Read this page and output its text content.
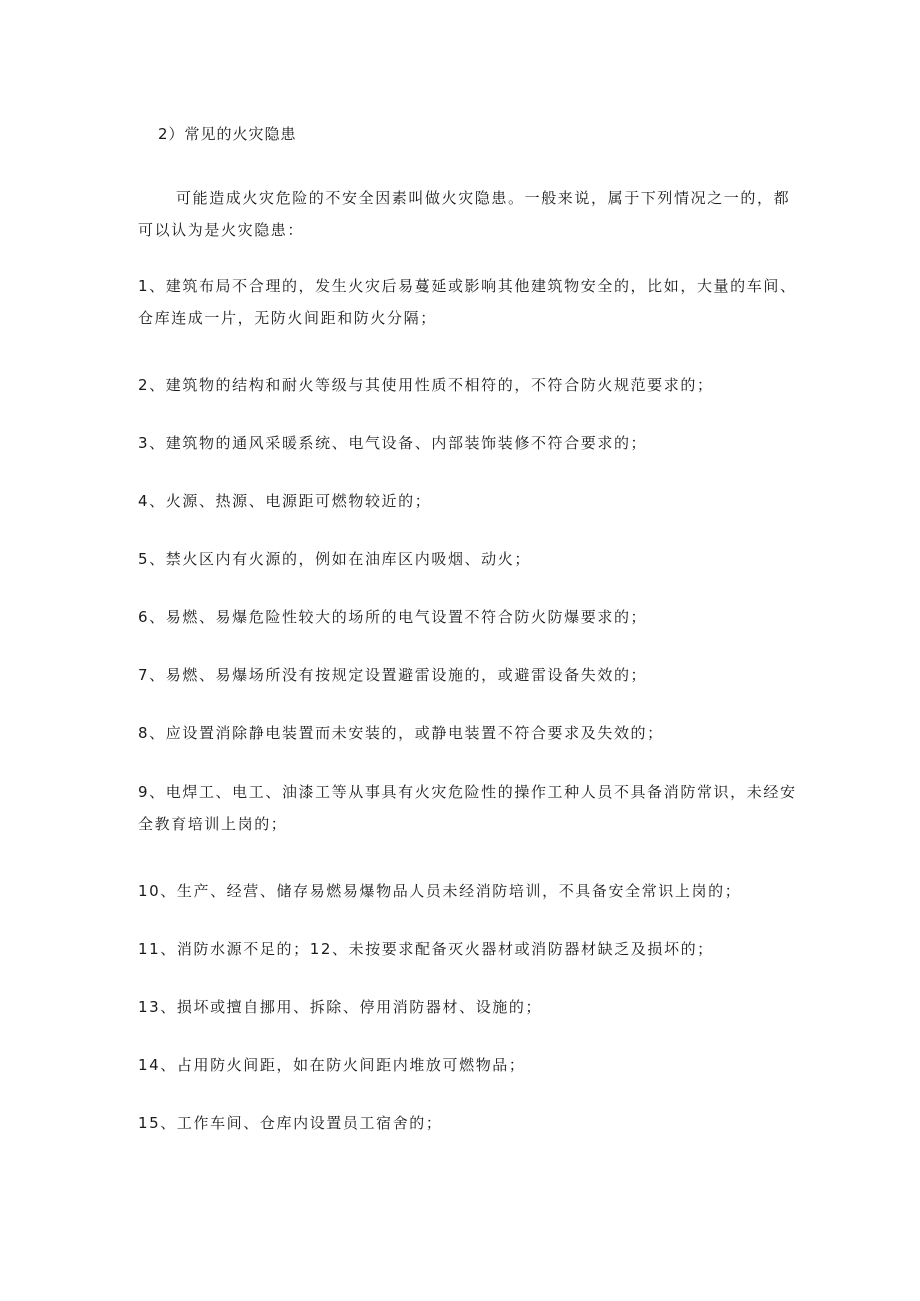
2）常见的火灾隐患
可能造成火灾危险的不安全因素叫做火灾隐患。一般来说，属于下列情况之一的，都可以认为是火灾隐患：
1、建筑布局不合理的，发生火灾后易蔓延或影响其他建筑物安全的，比如，大量的车间、仓库连成一片，无防火间距和防火分隔；
2、建筑物的结构和耐火等级与其使用性质不相符的，不符合防火规范要求的；
3、建筑物的通风采暖系统、电气设备、内部装饰装修不符合要求的；
4、火源、热源、电源距可燃物较近的；
5、禁火区内有火源的，例如在油库区内吸烟、动火；
6、易燃、易爆危险性较大的场所的电气设置不符合防火防爆要求的；
7、易燃、易爆场所没有按规定设置避雷设施的，或避雷设备失效的；
8、应设置消除静电装置而未安装的，或静电装置不符合要求及失效的；
9、电焊工、电工、油漆工等从事具有火灾危险性的操作工种人员不具备消防常识，未经安全教育培训上岗的；
10、生产、经营、储存易燃易爆物品人员未经消防培训，不具备安全常识上岗的；
11、消防水源不足的；12、未按要求配备灭火器材或消防器材缺乏及损坏的；
13、损坏或擅自挪用、拆除、停用消防器材、设施的；
14、占用防火间距，如在防火间距内堆放可燃物品；
15、工作车间、仓库内设置员工宿舍的；
